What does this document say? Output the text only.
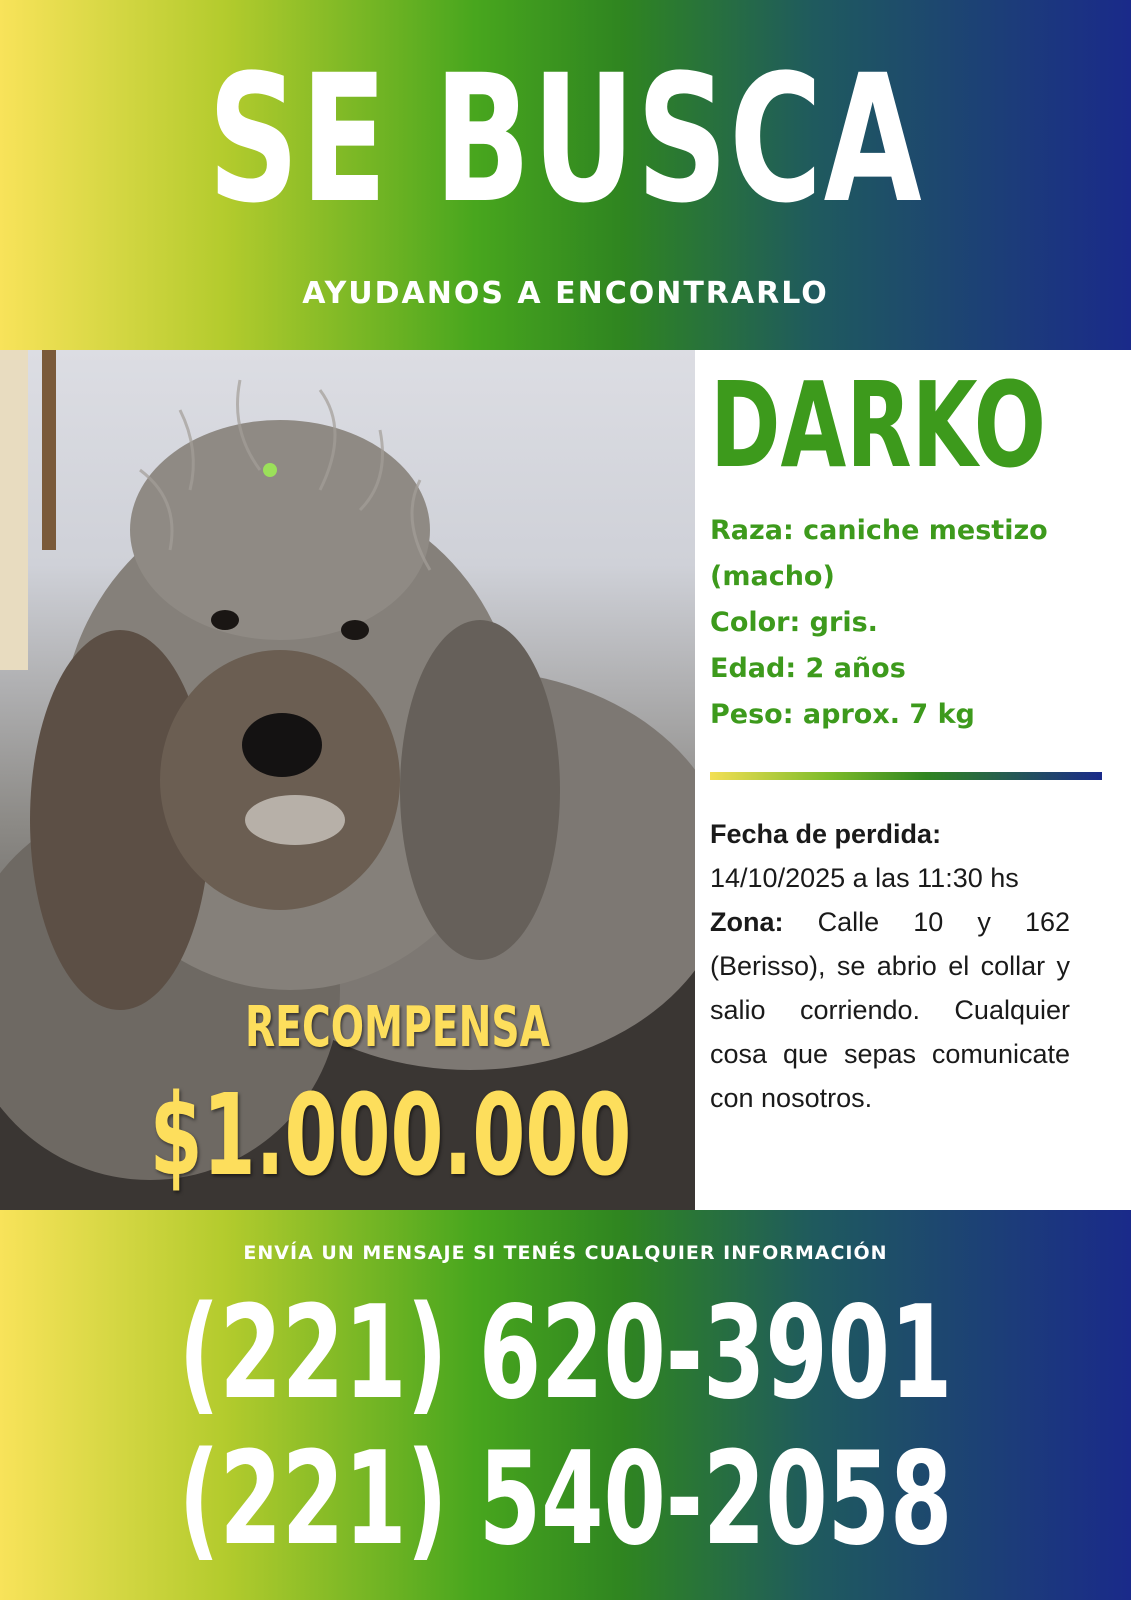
SE BUSCA
AYUDANOS A ENCONTRARLO
RECOMPENSA
$1.000.000
DARKO
Raza: caniche mestizo
(macho)
Color: gris.
Edad: 2 años
Peso: aprox. 7 kg
Fecha de perdida:
14/10/2025 a las 11:30 hs
Zona: Calle 10 y 162 (Berisso), se abrio el collar y salio corriendo. Cualquier cosa que sepas comunicate con nosotros.
ENVÍA UN MENSAJE SI TENÉS CUALQUIER INFORMACIÓN
(221) 620-3901
(221) 540-2058
